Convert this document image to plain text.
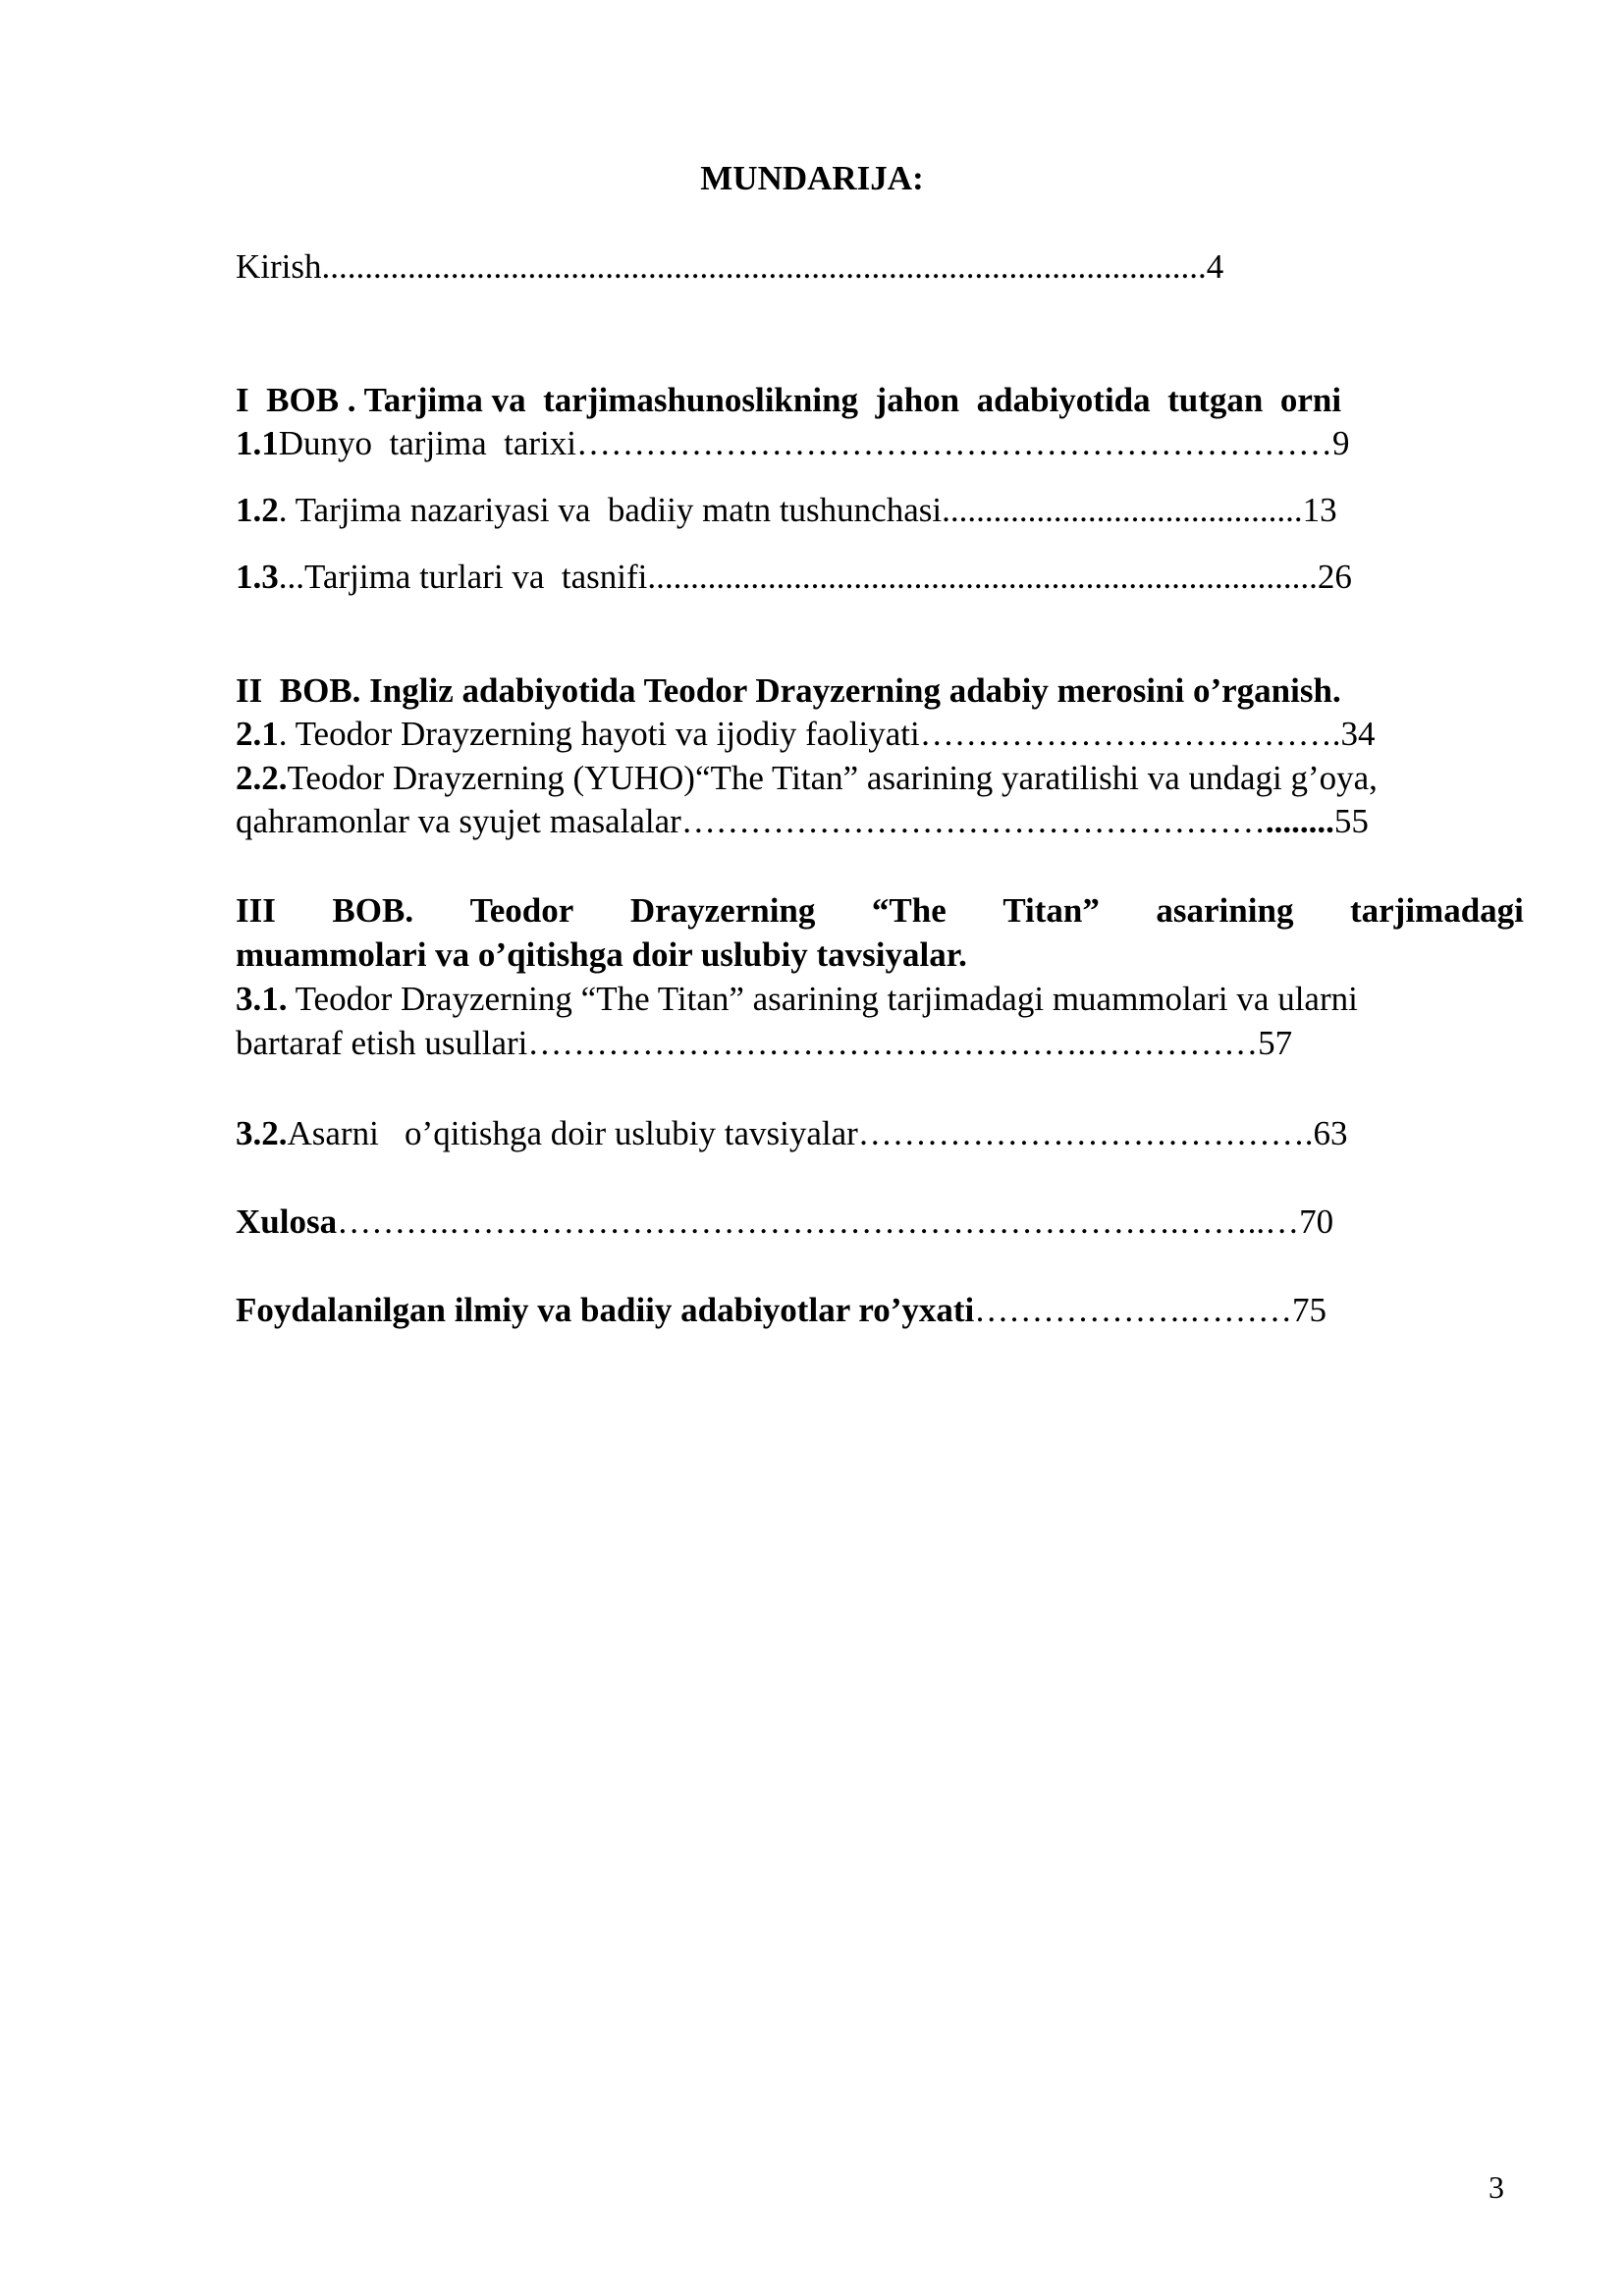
MUNDARIJA:

Kirish.......................................................................................................4

I  BOB . Tarjima va  tarjimashunoslikning  jahon  adabiyotida  tutgan  orni

1.1Dunyo  tarjima  tarixi…………………………………………………………9

1.2. Tarjima nazariyasi va  badiiy matn tushunchasi..........................................13

1.3...Tarjima turlari va  tasnifi..............................................................................26

II  BOB. Ingliz adabiyotida Teodor Drayzerning adabiy merosini o’rganish.

2.1. Teodor Drayzerning hayoti va ijodiy faoliyati……………………………….34

2.2.Teodor Drayzerning (YUHO)“The Titan” asarining yaratilishi va undagi g’oya,

qahramonlar va syujet masalalar……………………………………………........55

III BOB. Teodor Drayzerning “The Titan” asarining tarjimadagi

muammolari va o’qitishga doir uslubiy tavsiyalar.

3.1. Teodor Drayzerning “The Titan” asarining tarjimadagi muammolari va ularni

bartaraf etish usullari………………………………………….……………57

3.2.Asarni   o’qitishga doir uslubiy tavsiyalar………………………………….63

Xulosa……….……………………………………………………….……..…70

Foydalanilgan ilmiy va badiiy adabiyotlar ro’yxati……………….………75

3
